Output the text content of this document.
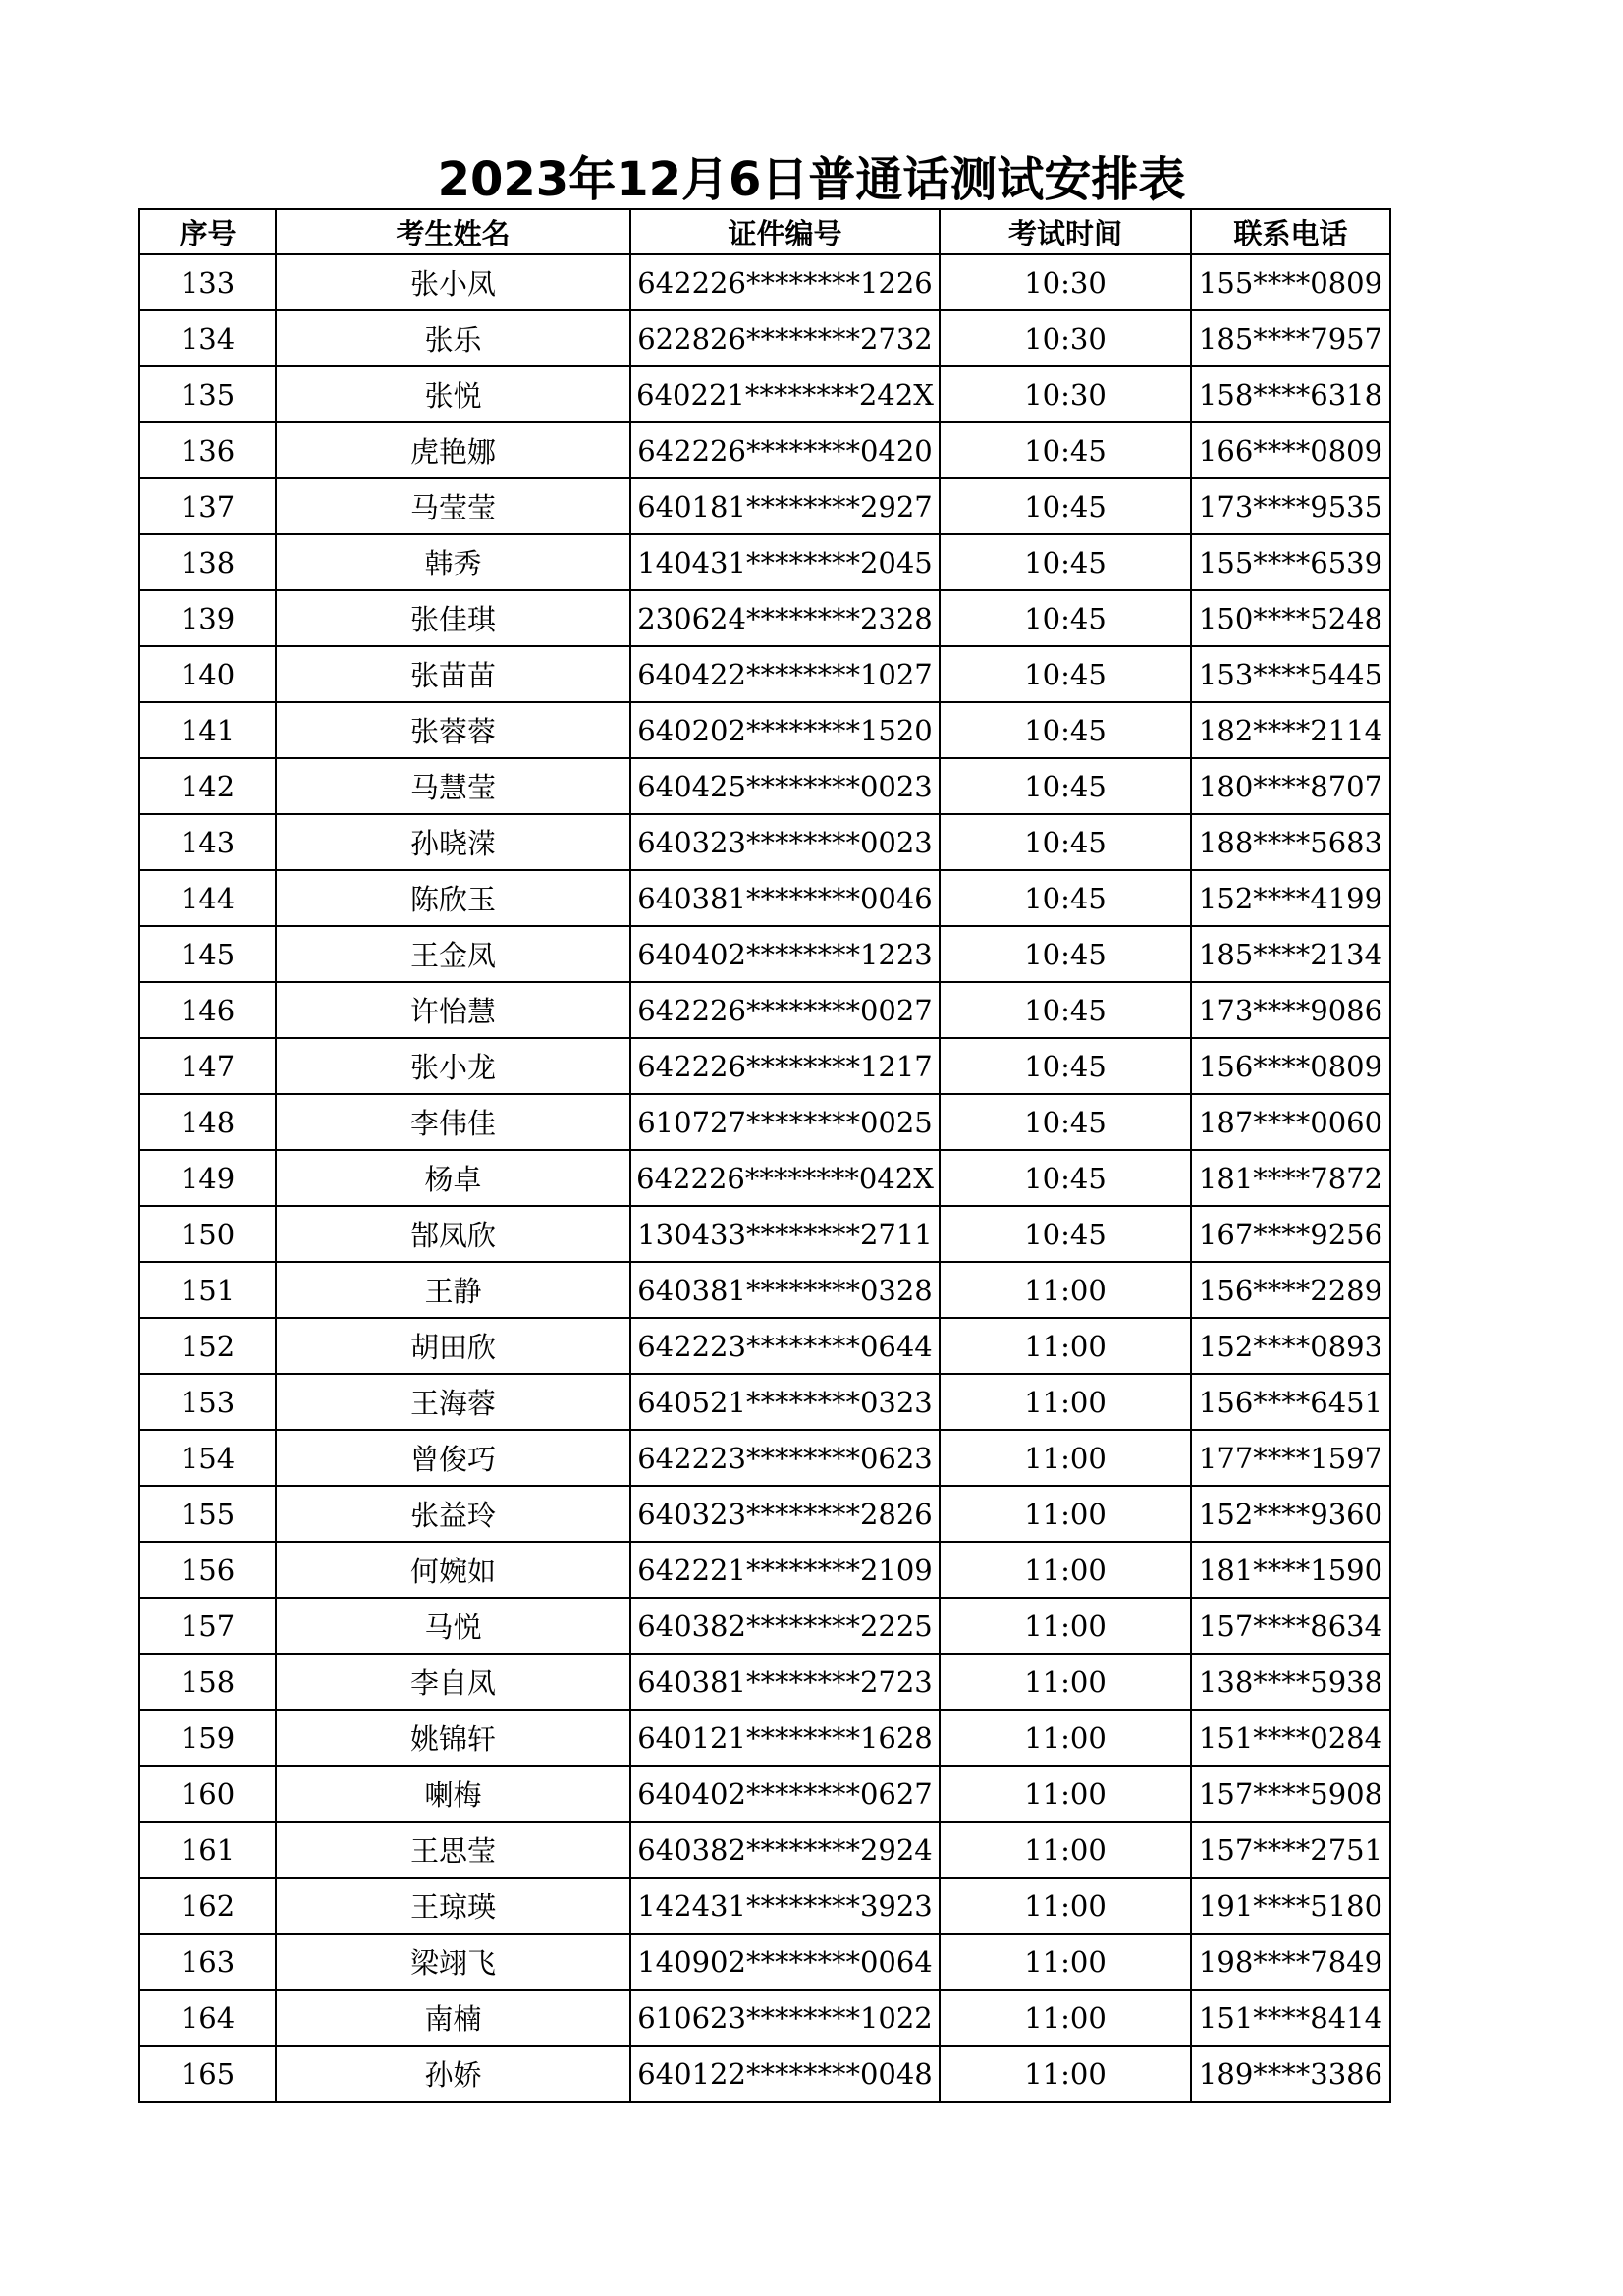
2023年12月6日普通话测试安排表
序号	考生姓名	证件编号	考试时间	联系电话
133	张小凤	642226********1226	10:30	155****0809
134	张乐	622826********2732	10:30	185****7957
135	张悦	640221********242X	10:30	158****6318
136	虎艳娜	642226********0420	10:45	166****0809
137	马莹莹	640181********2927	10:45	173****9535
138	韩秀	140431********2045	10:45	155****6539
139	张佳琪	230624********2328	10:45	150****5248
140	张苗苗	640422********1027	10:45	153****5445
141	张蓉蓉	640202********1520	10:45	182****2114
142	马慧莹	640425********0023	10:45	180****8707
143	孙晓溁	640323********0023	10:45	188****5683
144	陈欣玉	640381********0046	10:45	152****4199
145	王金凤	640402********1223	10:45	185****2134
146	许怡慧	642226********0027	10:45	173****9086
147	张小龙	642226********1217	10:45	156****0809
148	李伟佳	610727********0025	10:45	187****0060
149	杨卓	642226********042X	10:45	181****7872
150	郜凤欣	130433********2711	10:45	167****9256
151	王静	640381********0328	11:00	156****2289
152	胡田欣	642223********0644	11:00	152****0893
153	王海蓉	640521********0323	11:00	156****6451
154	曾俊巧	642223********0623	11:00	177****1597
155	张益玲	640323********2826	11:00	152****9360
156	何婉如	642221********2109	11:00	181****1590
157	马悦	640382********2225	11:00	157****8634
158	李自凤	640381********2723	11:00	138****5938
159	姚锦轩	640121********1628	11:00	151****0284
160	喇梅	640402********0627	11:00	157****5908
161	王思莹	640382********2924	11:00	157****2751
162	王琼瑛	142431********3923	11:00	191****5180
163	梁翊飞	140902********0064	11:00	198****7849
164	南楠	610623********1022	11:00	151****8414
165	孙娇	640122********0048	11:00	189****3386
